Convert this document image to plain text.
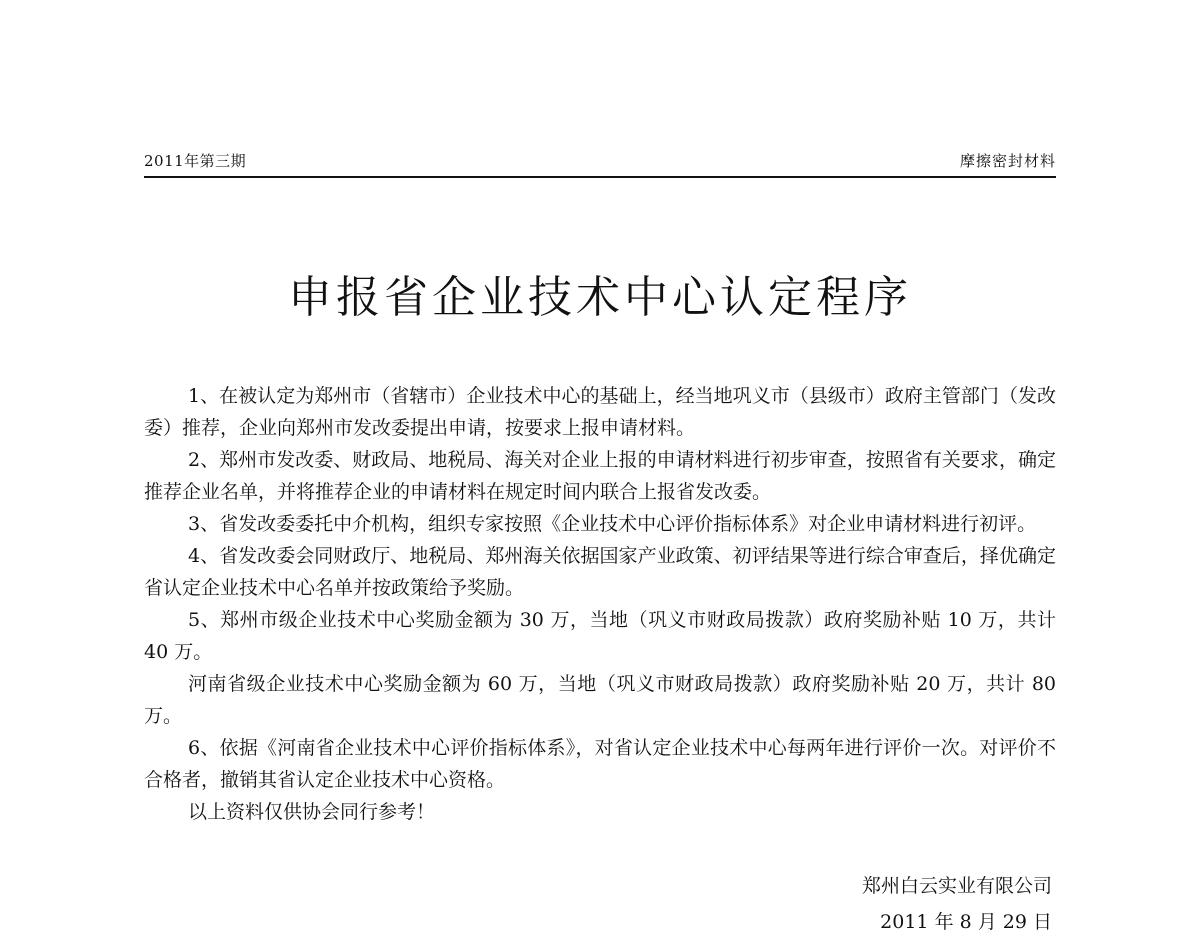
2011年第三期	摩擦密封材料
申报省企业技术中心认定程序

1、在被认定为郑州市（省辖市）企业技术中心的基础上，经当地巩义市（县级市）政府主管部门（发改委）推荐，企业向郑州市发改委提出申请，按要求上报申请材料。

2、郑州市发改委、财政局、地税局、海关对企业上报的申请材料进行初步审查，按照省有关要求，确定推荐企业名单，并将推荐企业的申请材料在规定时间内联合上报省发改委。

3、省发改委委托中介机构，组织专家按照《企业技术中心评价指标体系》对企业申请材料进行初评。

4、省发改委会同财政厅、地税局、郑州海关依据国家产业政策、初评结果等进行综合审查后，择优确定省认定企业技术中心名单并按政策给予奖励。

5、郑州市级企业技术中心奖励金额为 30 万，当地（巩义市财政局拨款）政府奖励补贴 10 万，共计 40 万。

河南省级企业技术中心奖励金额为 60 万，当地（巩义市财政局拨款）政府奖励补贴 20 万，共计 80 万。

6、依据《河南省企业技术中心评价指标体系》，对省认定企业技术中心每两年进行评价一次。对评价不合格者，撤销其省认定企业技术中心资格。

以上资料仅供协会同行参考！

郑州白云实业有限公司
2011 年 8 月 29 日
